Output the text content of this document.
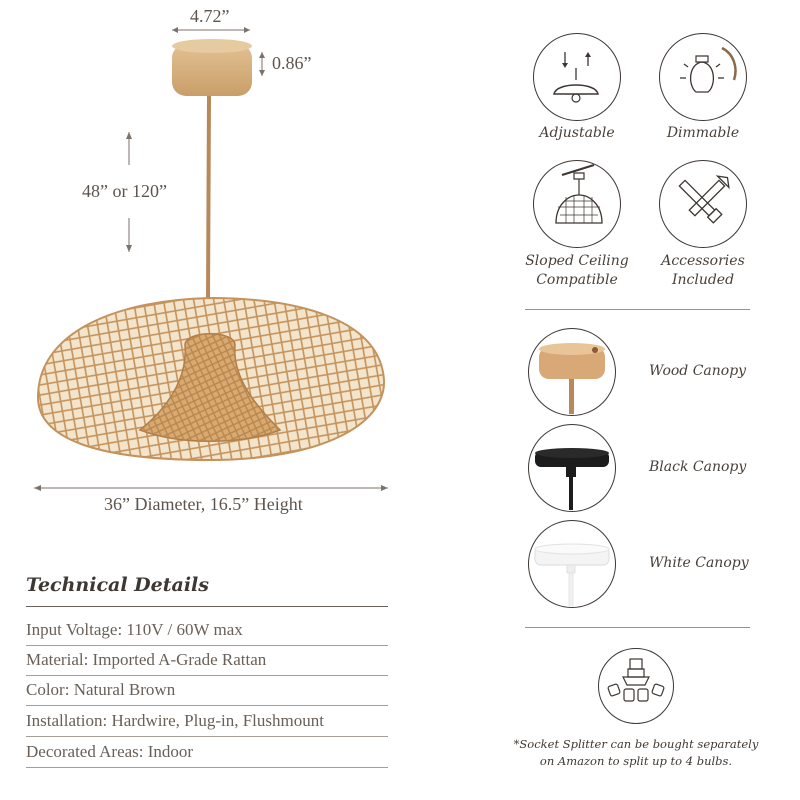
4.72”
0.86”
48” or 120”
36” Diameter, 16.5” Height
Technical Details
Input Voltage: 110V / 60W max
Material: Imported A-Grade Rattan
Color: Natural Brown
Installation: Hardwire, Plug-in, Flushmount
Decorated Areas: Indoor
Adjustable	Dimmable
Sloped Ceiling
Compatible
Accessories
Included
Wood Canopy
Black Canopy
White Canopy
*Socket Splitter can be bought separately
on Amazon to split up to 4 bulbs.
